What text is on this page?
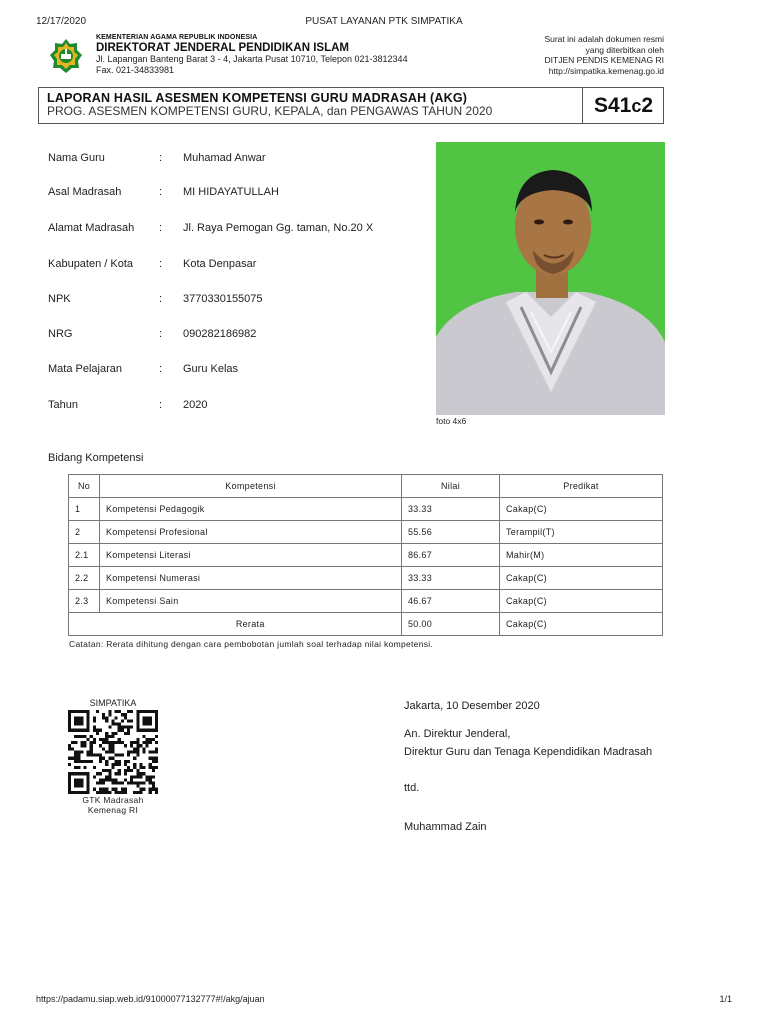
12/17/2020	PUSAT LAYANAN PTK SIMPATIKA
KEMENTERIAN AGAMA REPUBLIK INDONESIA
DIREKTORAT JENDERAL PENDIDIKAN ISLAM
Jl. Lapangan Banteng Barat 3 - 4, Jakarta Pusat 10710, Telepon 021-3812344
Fax. 021-34833981
Surat ini adalah dokumen resmi
yang diterbitkan oleh
DITJEN PENDIS KEMENAG RI
http://simpatika.kemenag.go.id
LAPORAN HASIL ASESMEN KOMPETENSI GURU MADRASAH (AKG)
PROG. ASESMEN KOMPETENSI GURU, KEPALA, dan PENGAWAS TAHUN 2020	S41c2
Nama Guru	: Muhamad Anwar
Asal Madrasah	: MI HIDAYATULLAH
Alamat Madrasah : Jl. Raya Pemogan Gg. taman, No.20 X
Kabupaten / Kota : Kota Denpasar
NPK	: 3770330155075
NRG	: 090282186982
Mata Pelajaran	: Guru Kelas
Tahun	: 2020
foto 4x6
Bidang Kompetensi
No	Kompetensi	Nilai	Predikat
1	Kompetensi Pedagogik	33.33	Cakap(C)
2	Kompetensi Profesional	55.56	Terampil(T)
2.1	Kompetensi Literasi	86.67	Mahir(M)
2.2	Kompetensi Numerasi	33.33	Cakap(C)
2.3	Kompetensi Sain	46.67	Cakap(C)
	Rerata	50.00	Cakap(C)
Catatan: Rerata dihitung dengan cara pembobotan jumlah soal terhadap nilai kompetensi.
SIMPATIKA
GTK Madrasah
Kemenag RI
Jakarta, 10 Desember 2020
An. Direktur Jenderal,
Direktur Guru dan Tenaga Kependidikan Madrasah
ttd.
Muhammad Zain
https://padamu.siap.web.id/9100007713277​7#!/akg/ajuan	1/1
